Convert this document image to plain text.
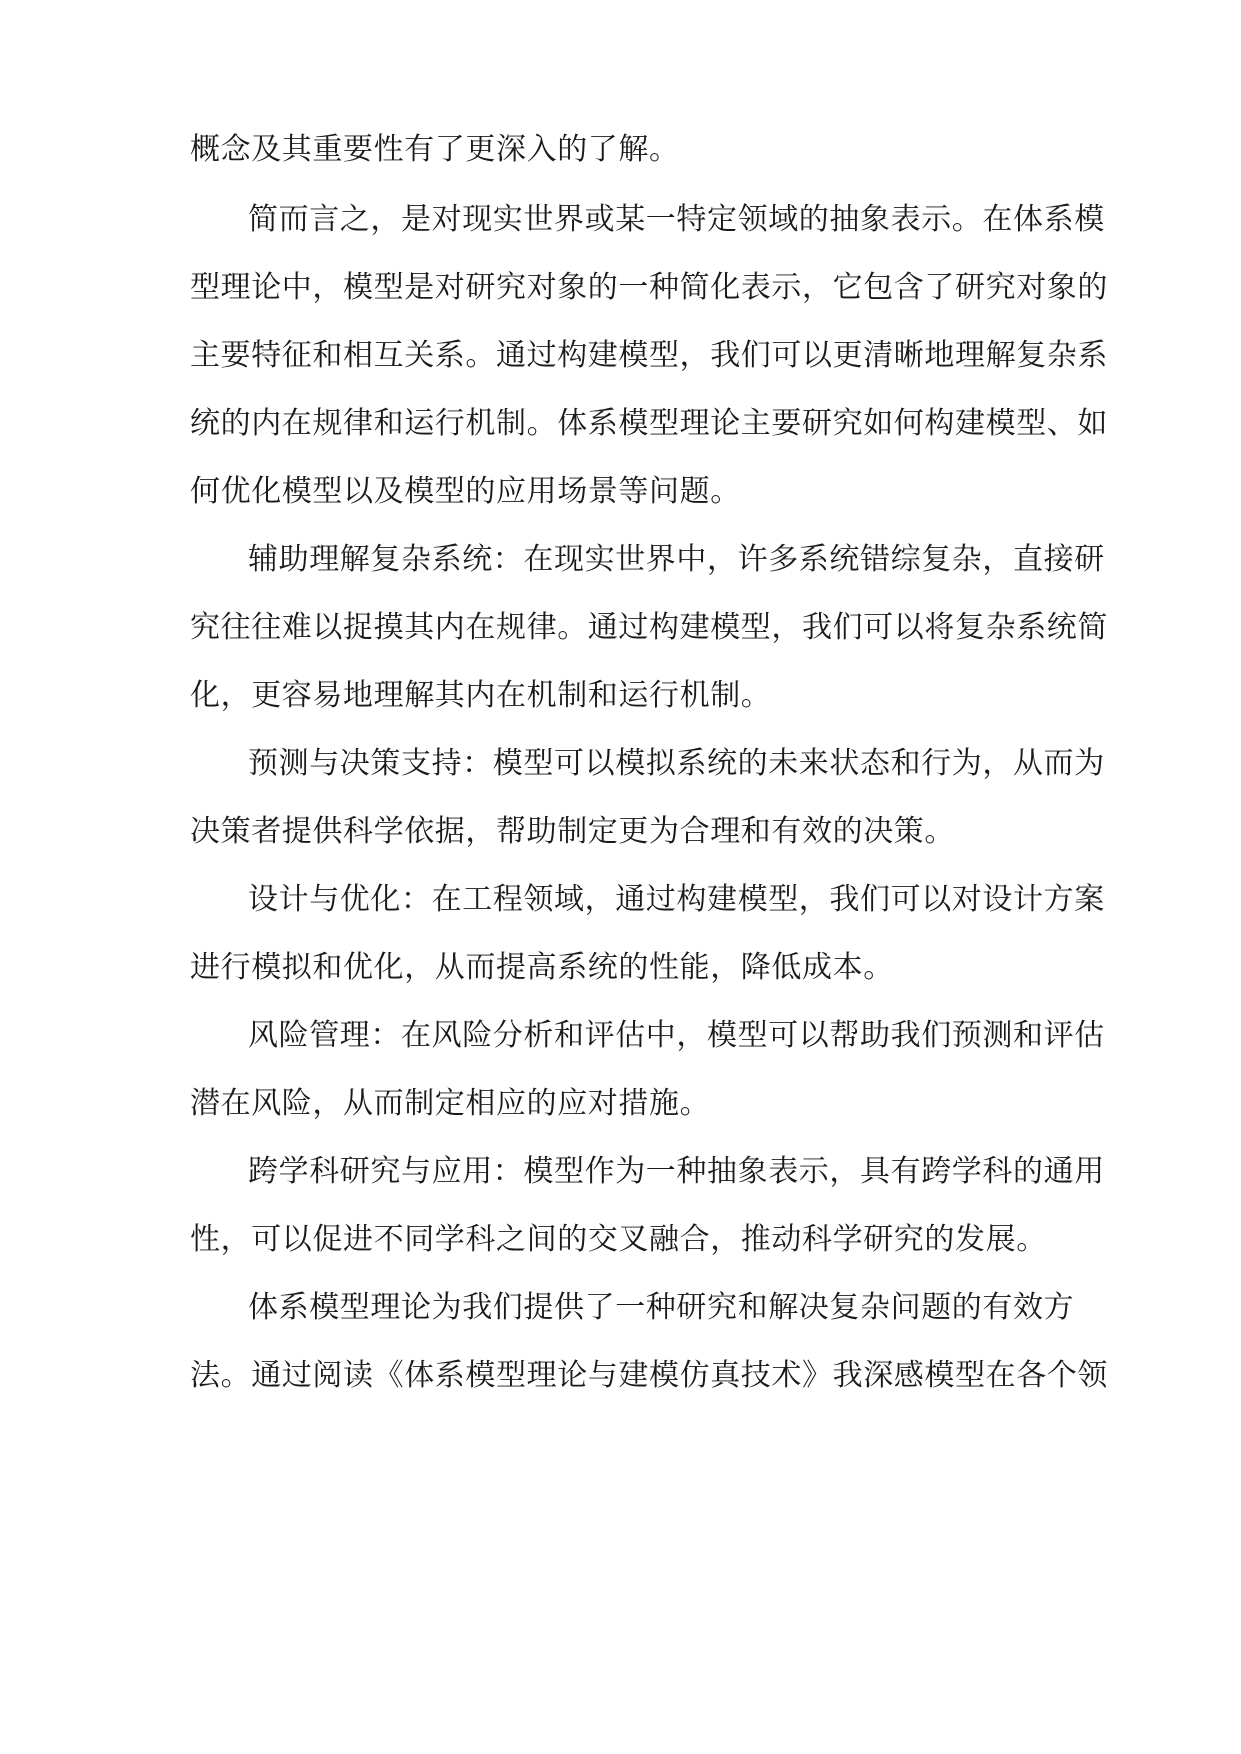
概念及其重要性有了更深入的了解。

简而言之，是对现实世界或某一特定领域的抽象表示。在体系模

型理论中，模型是对研究对象的一种简化表示，它包含了研究对象的

主要特征和相互关系。通过构建模型，我们可以更清晰地理解复杂系

统的内在规律和运行机制。体系模型理论主要研究如何构建模型、如

何优化模型以及模型的应用场景等问题。

辅助理解复杂系统：在现实世界中，许多系统错综复杂，直接研

究往往难以捉摸其内在规律。通过构建模型，我们可以将复杂系统简

化，更容易地理解其内在机制和运行机制。

预测与决策支持：模型可以模拟系统的未来状态和行为，从而为

决策者提供科学依据，帮助制定更为合理和有效的决策。

设计与优化：在工程领域，通过构建模型，我们可以对设计方案

进行模拟和优化，从而提高系统的性能，降低成本。

风险管理：在风险分析和评估中，模型可以帮助我们预测和评估

潜在风险，从而制定相应的应对措施。

跨学科研究与应用：模型作为一种抽象表示，具有跨学科的通用

性，可以促进不同学科之间的交叉融合，推动科学研究的发展。

体系模型理论为我们提供了一种研究和解决复杂问题的有效方

法。通过阅读《体系模型理论与建模仿真技术》我深感模型在各个领
